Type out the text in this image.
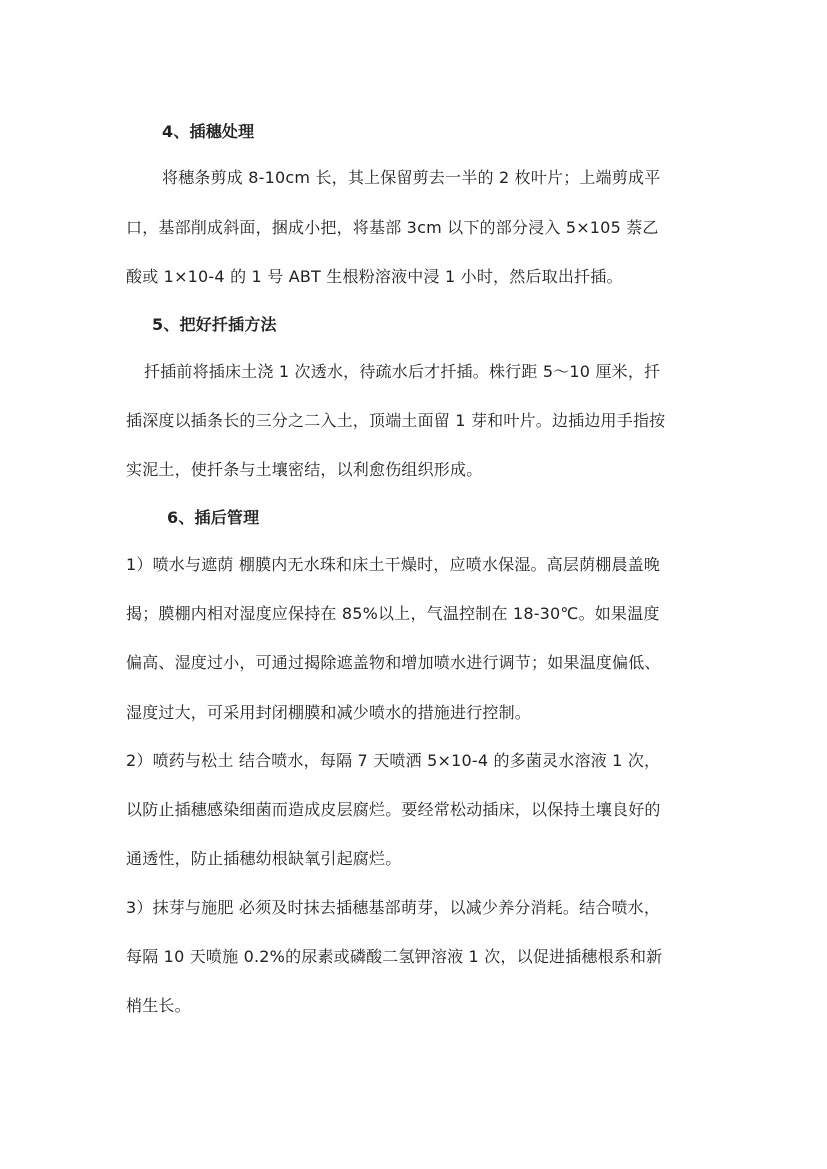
4、插穗处理
将穗条剪成 8-10cm 长，其上保留剪去一半的 2 枚叶片；上端剪成平
口，基部削成斜面，捆成小把，将基部 3cm 以下的部分浸入 5×105 萘乙
酸或 1×10-4 的 1 号 ABT 生根粉溶液中浸 1 小时，然后取出扦插。
5、把好扦插方法
扦插前将插床土浇 1 次透水，待疏水后才扦插。株行距 5～10 厘米，扦
插深度以插条长的三分之二入土，顶端土面留 1 芽和叶片。边插边用手指按
实泥土，使扦条与土壤密结，以利愈伤组织形成。
6、插后管理
1）喷水与遮荫 棚膜内无水珠和床土干燥时，应喷水保湿。高层荫棚晨盖晚
揭；膜棚内相对湿度应保持在 85%以上，气温控制在 18-30℃。如果温度
偏高、湿度过小，可通过揭除遮盖物和增加喷水进行调节；如果温度偏低、
湿度过大，可采用封闭棚膜和减少喷水的措施进行控制。
2）喷药与松土 结合喷水，每隔 7 天喷洒 5×10-4 的多菌灵水溶液 1 次，
以防止插穗感染细菌而造成皮层腐烂。要经常松动插床，以保持土壤良好的
通透性，防止插穗幼根缺氧引起腐烂。
3）抹芽与施肥 必须及时抹去插穗基部萌芽，以减少养分消耗。结合喷水，
每隔 10 天喷施 0.2%的尿素或磷酸二氢钾溶液 1 次，以促进插穗根系和新
梢生长。
